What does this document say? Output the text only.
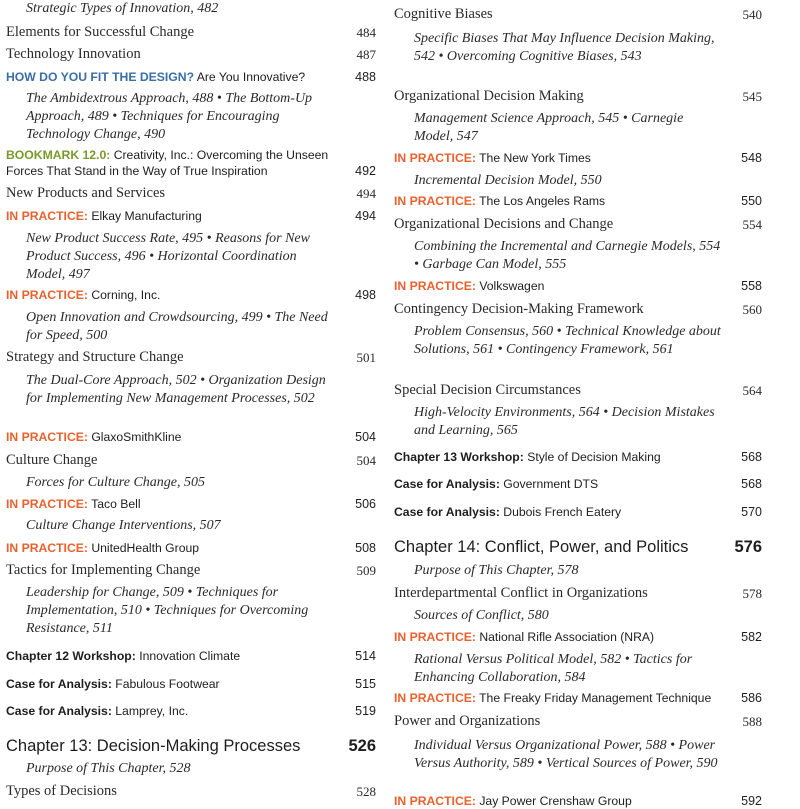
Strategic Types of Innovation, 482
Elements for Successful Change	484
Technology Innovation	487
HOW DO YOU FIT THE DESIGN? Are You Innovative?	488
The Ambidextrous Approach, 488 • The Bottom-Up Approach, 489 • Techniques for Encouraging Technology Change, 490
BOOKMARK 12.0: Creativity, Inc.: Overcoming the Unseen Forces That Stand in the Way of True Inspiration	492
New Products and Services	494
IN PRACTICE: Elkay Manufacturing	494
New Product Success Rate, 495 • Reasons for New Product Success, 496 • Horizontal Coordination Model, 497
IN PRACTICE: Corning, Inc.	498
Open Innovation and Crowdsourcing, 499 • The Need for Speed, 500
Strategy and Structure Change	501
The Dual-Core Approach, 502 • Organization Design for Implementing New Management Processes, 502
IN PRACTICE: GlaxoSmithKline	504
Culture Change	504
Forces for Culture Change, 505
IN PRACTICE: Taco Bell	506
Culture Change Interventions, 507
IN PRACTICE: UnitedHealth Group	508
Tactics for Implementing Change	509
Leadership for Change, 509 • Techniques for Implementation, 510 • Techniques for Overcoming Resistance, 511
Chapter 12 Workshop: Innovation Climate	514
Case for Analysis: Fabulous Footwear	515
Case for Analysis: Lamprey, Inc.	519
Chapter 13: Decision-Making Processes	526
Purpose of This Chapter, 528
Types of Decisions	528
Cognitive Biases	540
Specific Biases That May Influence Decision Making, 542 • Overcoming Cognitive Biases, 543
Organizational Decision Making	545
Management Science Approach, 545 • Carnegie Model, 547
IN PRACTICE: The New York Times	548
Incremental Decision Model, 550
IN PRACTICE: The Los Angeles Rams	550
Organizational Decisions and Change	554
Combining the Incremental and Carnegie Models, 554 • Garbage Can Model, 555
IN PRACTICE: Volkswagen	558
Contingency Decision-Making Framework	560
Problem Consensus, 560 • Technical Knowledge about Solutions, 561 • Contingency Framework, 561
Special Decision Circumstances	564
High-Velocity Environments, 564 • Decision Mistakes and Learning, 565
Chapter 13 Workshop: Style of Decision Making	568
Case for Analysis: Government DTS	568
Case for Analysis: Dubois French Eatery	570
Chapter 14: Conflict, Power, and Politics	576
Purpose of This Chapter, 578
Interdepartmental Conflict in Organizations	578
Sources of Conflict, 580
IN PRACTICE: National Rifle Association (NRA)	582
Rational Versus Political Model, 582 • Tactics for Enhancing Collaboration, 584
IN PRACTICE: The Freaky Friday Management Technique	586
Power and Organizations	588
Individual Versus Organizational Power, 588 • Power Versus Authority, 589 • Vertical Sources of Power, 590
IN PRACTICE: Jay Power Crenshaw Group	592
